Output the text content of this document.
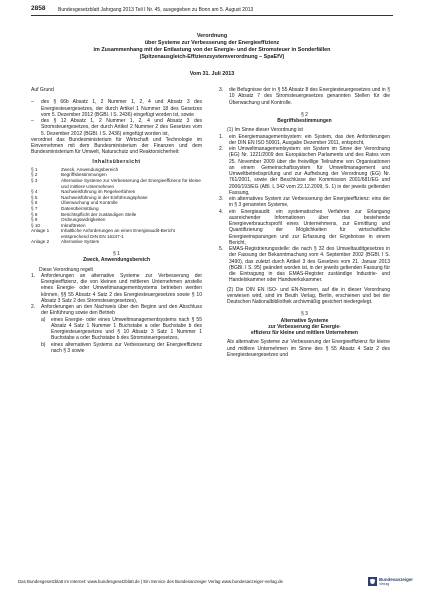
2858	Bundesgesetzblatt Jahrgang 2013 Teil I Nr. 45, ausgegeben zu Bonn am 5. August 2013
Verordnung
über Systeme zur Verbesserung der Energieeffizienz
im Zusammenhang mit der Entlastung von der Energie- und der Stromsteuer in Sonderfällen
(Spitzenausgleich-Effizienzsystemverordnung – SpaEfV)
Vom 31. Juli 2013

Auf Grund

– des § 66b Absatz 1, 2 Nummer 1, 2, 4 und Absatz 3 des Energiesteuergesetzes, der durch Artikel 1 Nummer 18 des Gesetzes vom 5. Dezember 2012 (BGBl. I S. 2436) eingefügt worden ist, sowie
– des § 12 Absatz 1, 2 Nummer 1, 2, 4 und Absatz 3 des Stromsteuergesetzes, der durch Artikel 2 Nummer 2 des Gesetzes vom 5. Dezember 2012 (BGBl. I S. 2436) eingefügt worden ist,

verordnet das Bundesministerium für Wirtschaft und Technologie im Einvernehmen mit dem Bundesministerium der Finanzen und dem Bundesministerium für Umwelt, Naturschutz und Reaktorsicherheit:

Inhaltsübersicht
§ 1	Zweck, Anwendungsbereich
§ 2	Begriffsbestimmungen
§ 3	Alternative Systeme zur Verbesserung der Energieeffizienz für kleine und mittlere Unternehmen
§ 4	Nachweisführung im Regelverfahren
§ 5	Nachweisführung in der Einführungsphase
§ 6	Überwachung und Kontrolle
§ 7	Datenübermittlung
§ 8	Berichtspflicht der zuständigen Stelle
§ 9	Ordnungswidrigkeiten
§ 10	Inkrafttreten
Anlage 1	Inhaltliche Anforderungen an einen Energieaudit-Bericht entsprechend DIN EN 16247-1
Anlage 2	Alternative System
§ 1
Zweck, Anwendungsbereich

Diese Verordnung regelt

1. Anforderungen an alternative Systeme zur Verbesserung der Energieeffizienz, die von kleinen und mittleren Unternehmen anstelle eines Energie- oder Umweltmanagementsystems betrieben werden können, §§ 55 Absatz 4 Satz 2 des Energiesteuergesetzes sowie § 10 Absatz 3 Satz 2 des Stromsteuergesetzes),
2. Anforderungen an den Nachweis über den Beginn und den Abschluss der Einführung sowie den Betrieb
a) eines Energie- oder eines Umweltmanagementsystems nach § 55 Absatz 4 Satz 1 Nummer 1 Buchstabe a oder Buchstabe b des Energiesteuergesetzes und § 10 Absatz 3 Satz 1 Nummer 1 Buchstabe a oder Buchstabe b des Stromsteuergesetzes,
b) eines alternativen Systems zur Verbesserung der Energieeffizienz nach § 3 sowie
3. die Befugnisse der in § 55 Absatz 8 des Energiesteuergesetzes und in § 10 Absatz 7 des Stromsteuergesetzes genannten Stellen für die Überwachung und Kontrolle.
§ 2
Begriffsbestimmungen

(1) Im Sinne dieser Verordnung ist

1. ein Energiemanagementsystem: ein System, das den Anforderungen der DIN EN ISO 50001, Ausgabe Dezember 2011, entspricht,
2. ein Umweltmanagementsystem: ein System im Sinne der Verordnung (EG) Nr. 1221/2009 des Europäischen Parlaments und des Rates vom 25. November 2009 über die freiwillige Teilnahme von Organisationen an einem Gemeinschaftssystem für Umweltmanagement und Umweltbetriebsprüfung und zur Aufhebung der Verordnung (EG) Nr. 761/2001, sowie der Beschlüsse der Kommission 2001/681/EG und 2006/193/EG (ABl. L 342 vom 22.12.2009, S. 1) in der jeweils geltenden Fassung,
3. ein alternatives System zur Verbesserung der Energieeffizienz: eins der in § 3 genannten Systeme,
4. ein Energieaudit: ein systematisches Verfahren zur Erlangung ausreichender Informationen über das bestehende Energieverbrauchsprofil eines Unternehmens, zur Ermittlung und Quantifizierung der Möglichkeiten für wirtschaftliche Energieeinsparungen und zur Erfassung der Ergebnisse in einem Bericht,
5. EMAS-Registrierungsstelle: die nach § 32 des Umweltauditgesetzes in der Fassung der Bekanntmachung vom 4. September 2002 (BGBl. I S. 3490), das zuletzt durch Artikel 3 des Gesetzes vom 21. Januar 2013 (BGBl. I S. 95) geändert worden ist, in der jeweils geltenden Fassung für die Eintragung in das EMAS-Register zuständige Industrie- und Handelskammer oder Handwerkskammer.

(2) Die DIN EN ISO- und EN-Normen, auf die in dieser Verordnung verwiesen wird, sind im Beuth Verlag, Berlin, erschienen und bei der Deutschen Nationalbibliothek archivmäßig gesichert niedergelegt.

§ 3
Alternative Systeme
zur Verbesserung der Energie-
effizienz für kleine und mittlere Unternehmen

Als alternative Systeme zur Verbesserung der Energieeffizienz für kleine und mittlere Unternehmen im Sinne des § 55 Absatz 4 Satz 2 des Energiesteuergesetzes und

Das Bundesgesetzblatt im Internet: www.bundesgesetzblatt.de | Ein Service des Bundesanzeiger Verlag www.bundesanzeiger-verlag.de	Bundesanzeiger
Verlag
